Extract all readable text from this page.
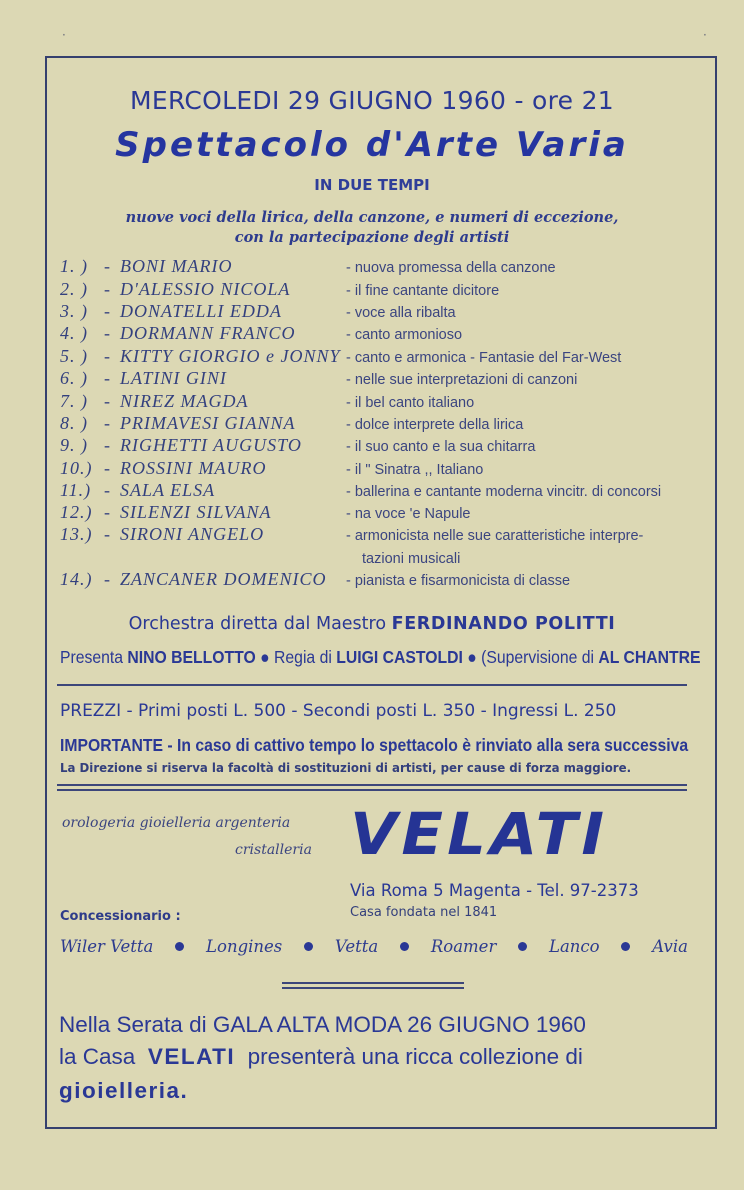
MERCOLEDI 29 GIUGNO 1960 - ore 21
Spettacolo d'Arte Varia
IN DUE TEMPI
nuove voci della lirica, della canzone, e numeri di eccezione,
con la partecipazione degli artisti
1. ) - BONI MARIO	- nuova promessa della canzone
2. ) - D'ALESSIO NICOLA	- il fine cantante dicitore
3. ) - DONATELLI EDDA	- voce alla ribalta
4. ) - DORMANN FRANCO	- canto armonioso
5. ) - KITTY GIORGIO e JONNY - canto e armonica - Fantasie del Far-West
6. ) - LATINI GINI	- nelle sue interpretazioni di canzoni
7. ) - NIREZ MAGDA	- il bel canto italiano
8. ) - PRIMAVESI GIANNA	- dolce interprete della lirica
9. ) - RIGHETTI AUGUSTO	- il suo canto e la sua chitarra
10.) - ROSSINI MAURO	- il " Sinatra ,, Italiano
11.) - SALA ELSA	- ballerina e cantante moderna vincitr. di concorsi
12.) - SILENZI SILVANA	- na voce 'e Napule
13.) - SIRONI ANGELO	- armonicista nelle sue caratteristiche interpre-
tazioni musicali
14.) - ZANCANER DOMENICO - pianista e fisarmonicista di classe
Orchestra diretta dal Maestro FERDINANDO POLITTI
Presenta NINO BELLOTTO ● Regia di LUIGI CASTOLDI ● (Supervisione di AL CHANTRE
PREZZI - Primi posti L. 500 - Secondi posti L. 350 - Ingressi L. 250
IMPORTANTE - In caso di cattivo tempo lo spettacolo è rinviato alla sera successiva
La Direzione si riserva la facoltà di sostituzioni di artisti, per cause di forza maggiore.
orologeria gioielleria argenteria
cristalleria VELATI
Via Roma 5 Magenta - Tel. 97-2373
Casa fondata nel 1841
Concessionario :
Wiler Vetta	Longines	Vetta	Roamer	Lanco	Avia
Nella Serata di GALA ALTA MODA 26 GIUGNO 1960
la Casa VELATI presenterà una ricca collezione di
gioielleria.
·	·
